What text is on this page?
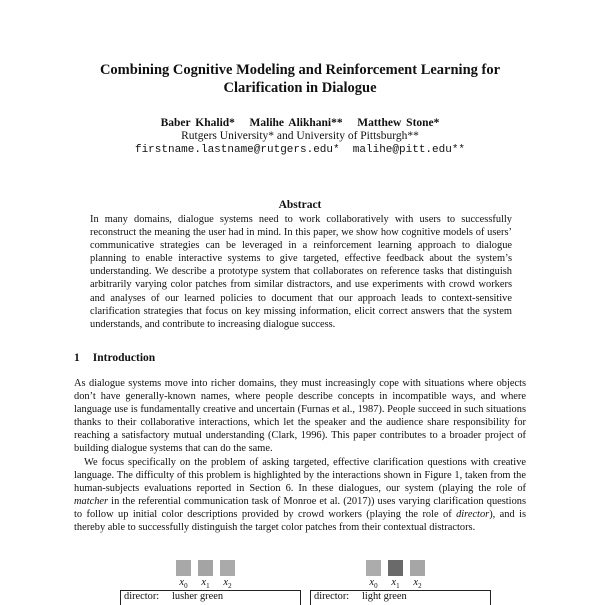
Combining Cognitive Modeling and Reinforcement Learning for Clarification in Dialogue
Baber Khalid*   Malihe Alikhani**   Matthew Stone*
Rutgers University* and University of Pittsburgh**
firstname.lastname@rutgers.edu*  malihe@pitt.edu**
Abstract
In many domains, dialogue systems need to work collaboratively with users to successfully reconstruct the meaning the user had in mind. In this paper, we show how cognitive models of users’ communicative strategies can be leveraged in a reinforcement learning approach to dialogue planning to enable interactive systems to give targeted, effective feedback about the system’s understanding. We describe a prototype system that collaborates on reference tasks that distinguish arbitrarily varying color patches from similar distractors, and use experiments with crowd workers and analyses of our learned policies to document that our approach leads to context-sensitive clarification strategies that focus on key missing information, elicit correct answers that the system understands, and contribute to increasing dialogue success.
1 Introduction
As dialogue systems move into richer domains, they must increasingly cope with situations where objects don’t have generally-known names, where people describe concepts in incompatible ways, and where language use is fundamentally creative and uncertain (Furnas et al., 1987). People succeed in such situations thanks to their collaborative interactions, which let the speaker and the audience share responsibility for reaching a satisfactory mutual understanding (Clark, 1996). This paper contributes to a broader project of building dialogue systems that can do the same.
We focus specifically on the problem of asking targeted, effective clarification questions with creative language. The difficulty of this problem is highlighted by the interactions shown in Figure 1, taken from the human-subjects evaluations reported in Section 6. In these dialogues, our system (playing the role of matcher in the referential communication task of Monroe et al. (2017)) uses varying clarification questions to follow up initial color descriptions provided by crowd workers (playing the role of director), and is thereby able to successfully distinguish the target color patches from their contextual distractors.
$x_0$	$x_1$	$x_2$
director: lusher green
$x_0$	$x_1$	$x_2$
director: light green
